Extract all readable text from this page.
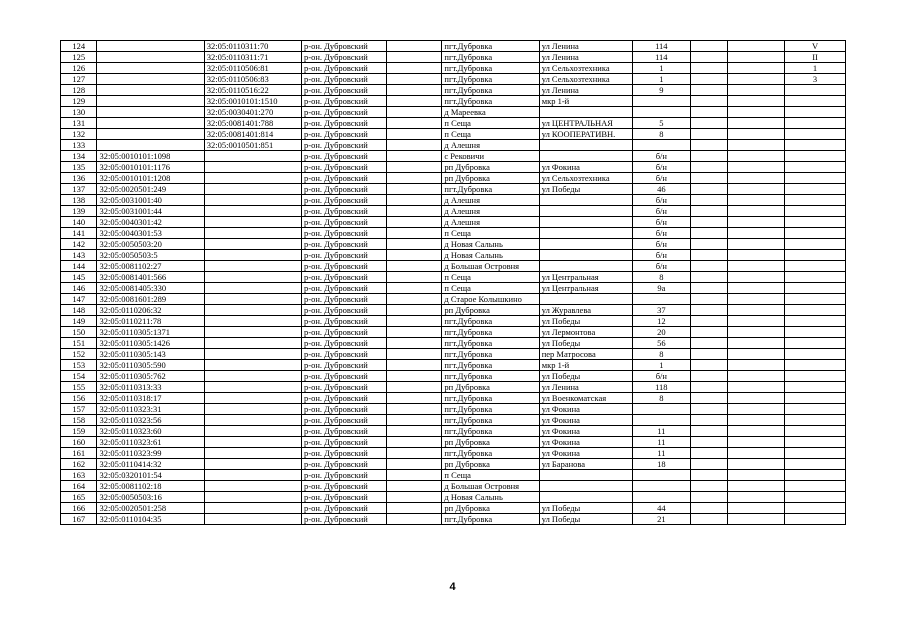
124		32:05:0110311:70	р-он. Дубровский		пгт.Дубровка	ул Ленина	114			V
125		32:05:0110311:71	р-он. Дубровский		пгт.Дубровка	ул Ленина	114			II
126		32:05:0110506:81	р-он. Дубровский		пгт.Дубровка	ул Сельхозтехника	1			1
127		32:05:0110506:83	р-он. Дубровский		пгт.Дубровка	ул Сельхозтехника	1			3
128		32:05:0110516:22	р-он. Дубровский		пгт.Дубровка	ул Ленина	9			
129		32:05:0010101:1510	р-он. Дубровский		пгт.Дубровка	мкр 1-й				
130		32:05:0030401:270	р-он. Дубровский		д Мареевка					
131		32:05:0081401:788	р-он. Дубровский		п Сеща	ул ЦЕНТРАЛЬНАЯ	5			
132		32:05:0081401:814	р-он. Дубровский		п Сеща	ул КООПЕРАТИВН.	8			
133		32:05:0010501:851	р-он. Дубровский		д Алешня					
134	32:05:0010101:1098		р-он. Дубровский		с Рековичи		б/н			
135	32:05:0010101:1176		р-он. Дубровский		рп Дубровка	ул Фокина	б/н			
136	32:05:0010101:1208		р-он. Дубровский		рп Дубровка	ул Сельхозтехника	б/н			
137	32:05:0020501:249		р-он. Дубровский		пгт.Дубровка	ул Победы	46			
138	32:05:0031001:40		р-он. Дубровский		д Алешня		б/н			
139	32:05:0031001:44		р-он. Дубровский		д Алешня		б/н			
140	32:05:0040301:42		р-он. Дубровский		д Алешня		б/н			
141	32:05:0040301:53		р-он. Дубровский		п Сеща		б/н			
142	32:05:0050503:20		р-он. Дубровский		д Новая Салынь		б/н			
143	32:05:0050503:5		р-он. Дубровский		д Новая Салынь		б/н			
144	32:05:0081102:27		р-он. Дубровский		д Большая Островня		б/н			
145	32:05:0081401:566		р-он. Дубровский		п Сеща	ул Центральная	8			
146	32:05:0081405:330		р-он. Дубровский		п Сеща	ул Центральная	9а			
147	32:05:0081601:289		р-он. Дубровский		д Старое Колышкино					
148	32:05:0110206:32		р-он. Дубровский		рп Дубровка	ул Журавлева	37			
149	32:05:0110211:78		р-он. Дубровский		пгт.Дубровка	ул Победы	12			
150	32:05:0110305:1371		р-он. Дубровский		пгт.Дубровка	ул Лермонтова	20			
151	32:05:0110305:1426		р-он. Дубровский		пгт.Дубровка	ул Победы	56			
152	32:05:0110305:143		р-он. Дубровский		пгт.Дубровка	пер Матросова	8			
153	32:05:0110305:590		р-он. Дубровский		пгт.Дубровка	мкр 1-й	1			
154	32:05:0110305:762		р-он. Дубровский		пгт.Дубровка	ул Победы	б/н			
155	32:05:0110313:33		р-он. Дубровский		рп Дубровка	ул Ленина	118			
156	32:05:0110318:17		р-он. Дубровский		пгт.Дубровка	ул Военкоматская	8			
157	32:05:0110323:31		р-он. Дубровский		пгт.Дубровка	ул Фокина				
158	32:05:0110323:56		р-он. Дубровский		пгт.Дубровка	ул Фокина				
159	32:05:0110323:60		р-он. Дубровский		пгт.Дубровка	ул Фокина	11			
160	32:05:0110323:61		р-он. Дубровский		рп Дубровка	ул Фокина	11			
161	32:05:0110323:99		р-он. Дубровский		пгт.Дубровка	ул Фокина	11			
162	32:05:0110414:32		р-он. Дубровский		рп Дубровка	ул Баранова	18			
163	32:05:0320101:54		р-он. Дубровский		п Сеща					
164	32:05:0081102:18		р-он. Дубровский		д Большая Островня					
165	32:05:0050503:16		р-он. Дубровский		д Новая Салынь					
166	32:05:0020501:258		р-он. Дубровский		рп Дубровка	ул Победы	44			
167	32:05:0110104:35		р-он. Дубровский		пгт.Дубровка	ул Победы	21			
4
